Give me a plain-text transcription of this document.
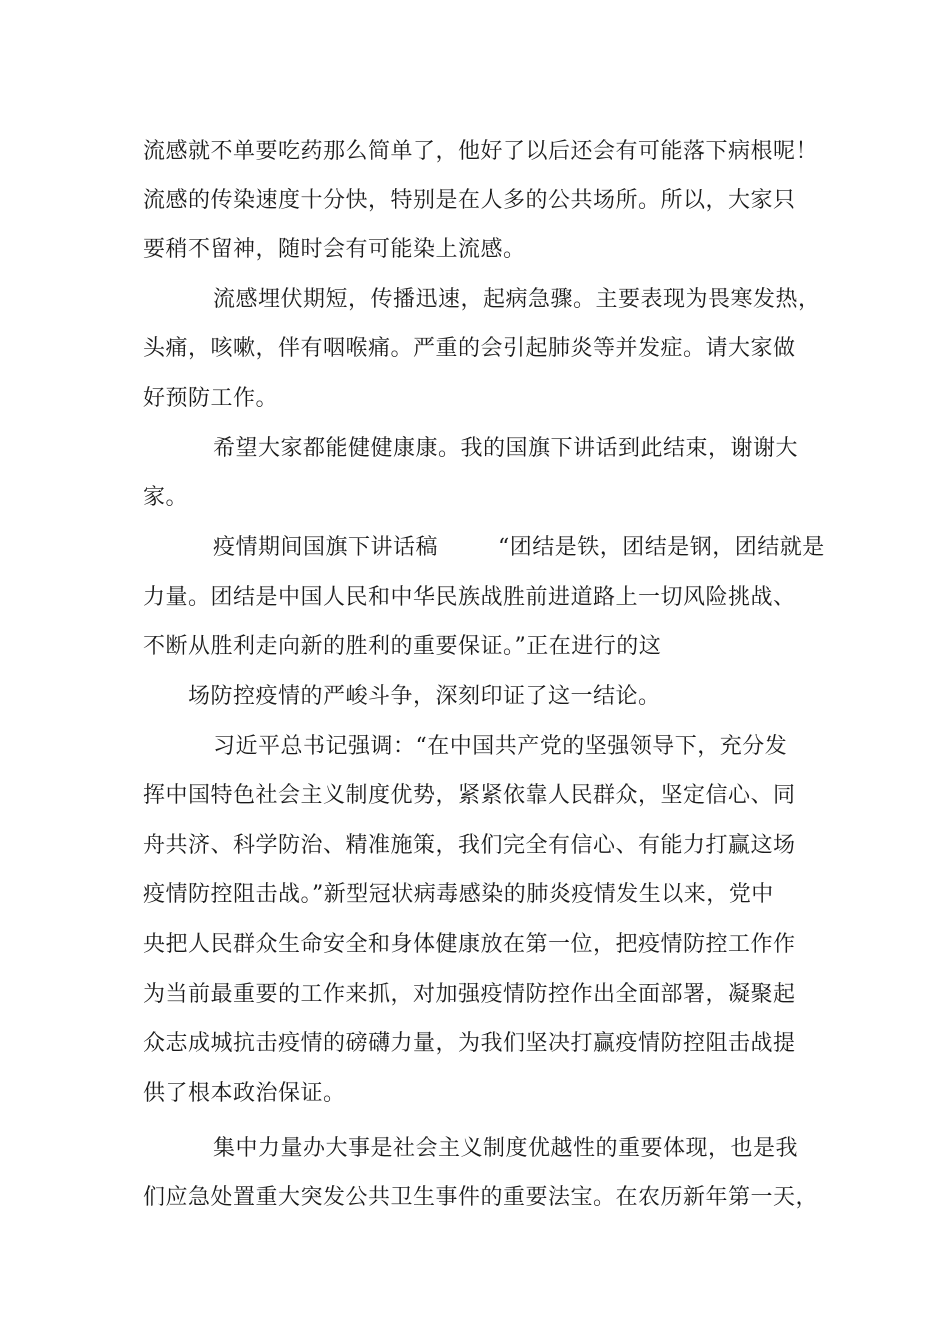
流感就不单要吃药那么简单了，他好了以后还会有可能落下病根呢！
流感的传染速度十分快，特别是在人多的公共场所。所以，大家只
要稍不留神，随时会有可能染上流感。
流感埋伏期短，传播迅速，起病急骤。主要表现为畏寒发热，
头痛，咳嗽，伴有咽喉痛。严重的会引起肺炎等并发症。请大家做
好预防工作。
希望大家都能健健康康。我的国旗下讲话到此结束，谢谢大
家。
疫情期间国旗下讲话稿	“团结是铁，团结是钢，团结就是
力量。团结是中国人民和中华民族战胜前进道路上一切风险挑战、
不断从胜利走向新的胜利的重要保证。”正在进行的这
场防控疫情的严峻斗争，深刻印证了这一结论。
习近平总书记强调：“在中国共产党的坚强领导下，充分发
挥中国特色社会主义制度优势，紧紧依靠人民群众，坚定信心、同
舟共济、科学防治、精准施策，我们完全有信心、有能力打赢这场
疫情防控阻击战。”新型冠状病毒感染的肺炎疫情发生以来，党中
央把人民群众生命安全和身体健康放在第一位，把疫情防控工作作
为当前最重要的工作来抓，对加强疫情防控作出全面部署，凝聚起
众志成城抗击疫情的磅礴力量，为我们坚决打赢疫情防控阻击战提
供了根本政治保证。
集中力量办大事是社会主义制度优越性的重要体现，也是我
们应急处置重大突发公共卫生事件的重要法宝。在农历新年第一天，
